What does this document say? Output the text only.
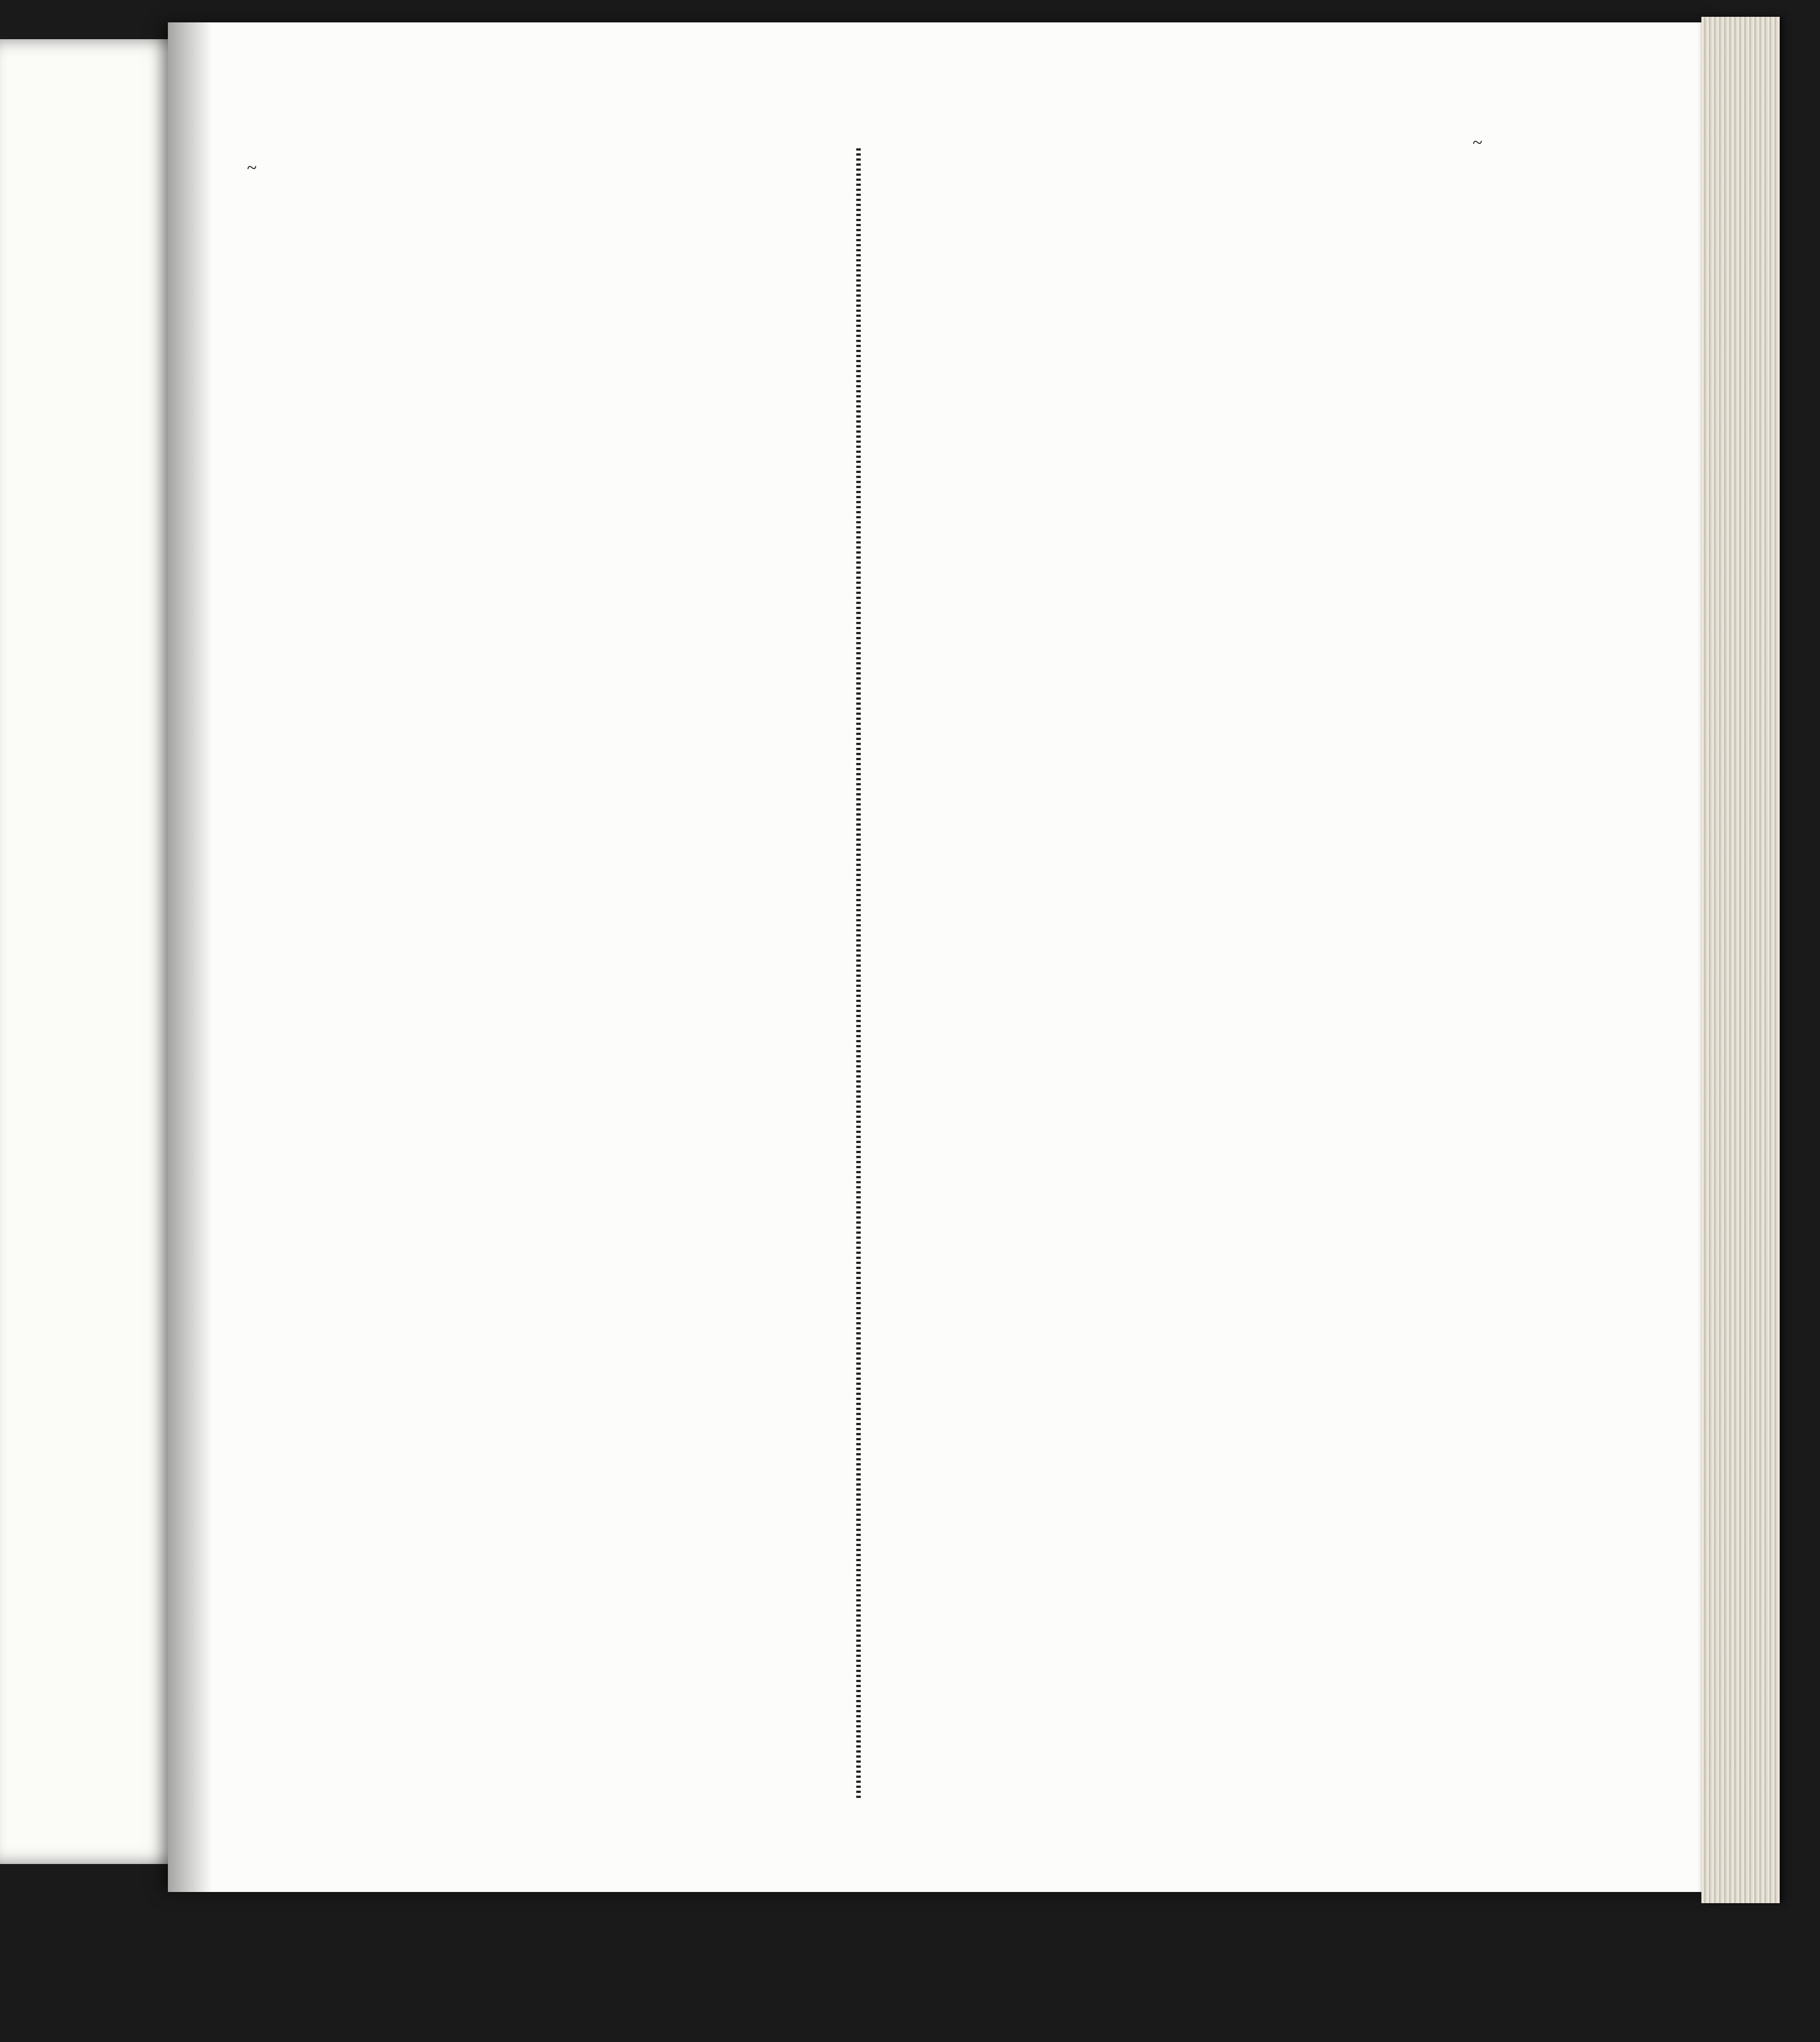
~
~
